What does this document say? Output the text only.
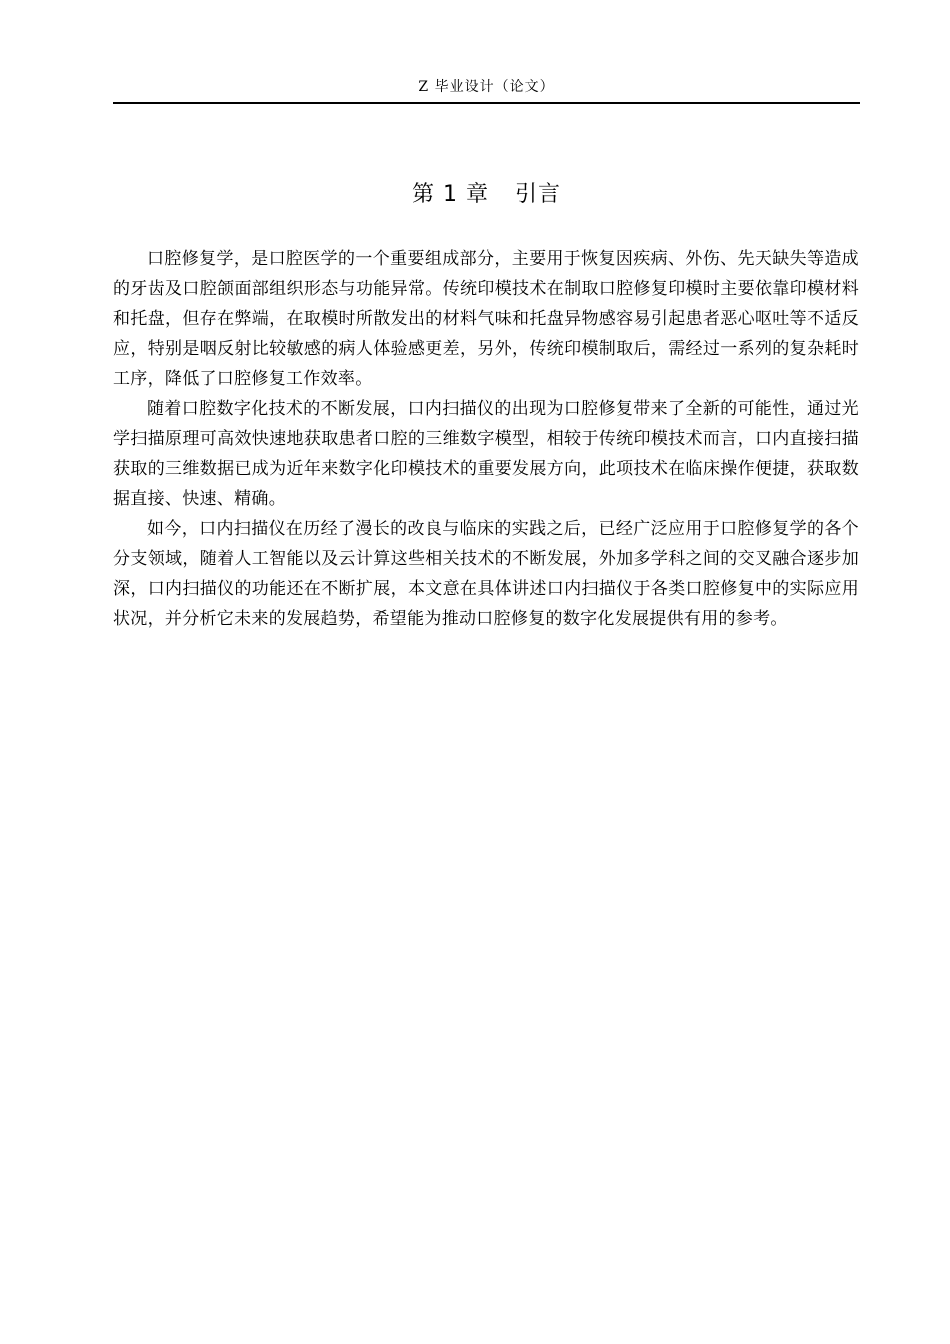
Z 毕业设计（论文）
第 1 章 引言

口腔修复学，是口腔医学的一个重要组成部分，主要用于恢复因疾病、外伤、先天缺失等造成的牙齿及口腔颌面部组织形态与功能异常。传统印模技术在制取口腔修复印模时主要依靠印模材料和托盘，但存在弊端，在取模时所散发出的材料气味和托盘异物感容易引起患者恶心呕吐等不适反应，特别是咽反射比较敏感的病人体验感更差，另外，传统印模制取后，需经过一系列的复杂耗时工序，降低了口腔修复工作效率。

随着口腔数字化技术的不断发展，口内扫描仪的出现为口腔修复带来了全新的可能性，通过光学扫描原理可高效快速地获取患者口腔的三维数字模型，相较于传统印模技术而言，口内直接扫描获取的三维数据已成为近年来数字化印模技术的重要发展方向，此项技术在临床操作便捷，获取数据直接、快速、精确。

如今，口内扫描仪在历经了漫长的改良与临床的实践之后，已经广泛应用于口腔修复学的各个分支领域，随着人工智能以及云计算这些相关技术的不断发展，外加多学科之间的交叉融合逐步加深，口内扫描仪的功能还在不断扩展，本文意在具体讲述口内扫描仪于各类口腔修复中的实际应用状况，并分析它未来的发展趋势，希望能为推动口腔修复的数字化发展提供有用的参考。
